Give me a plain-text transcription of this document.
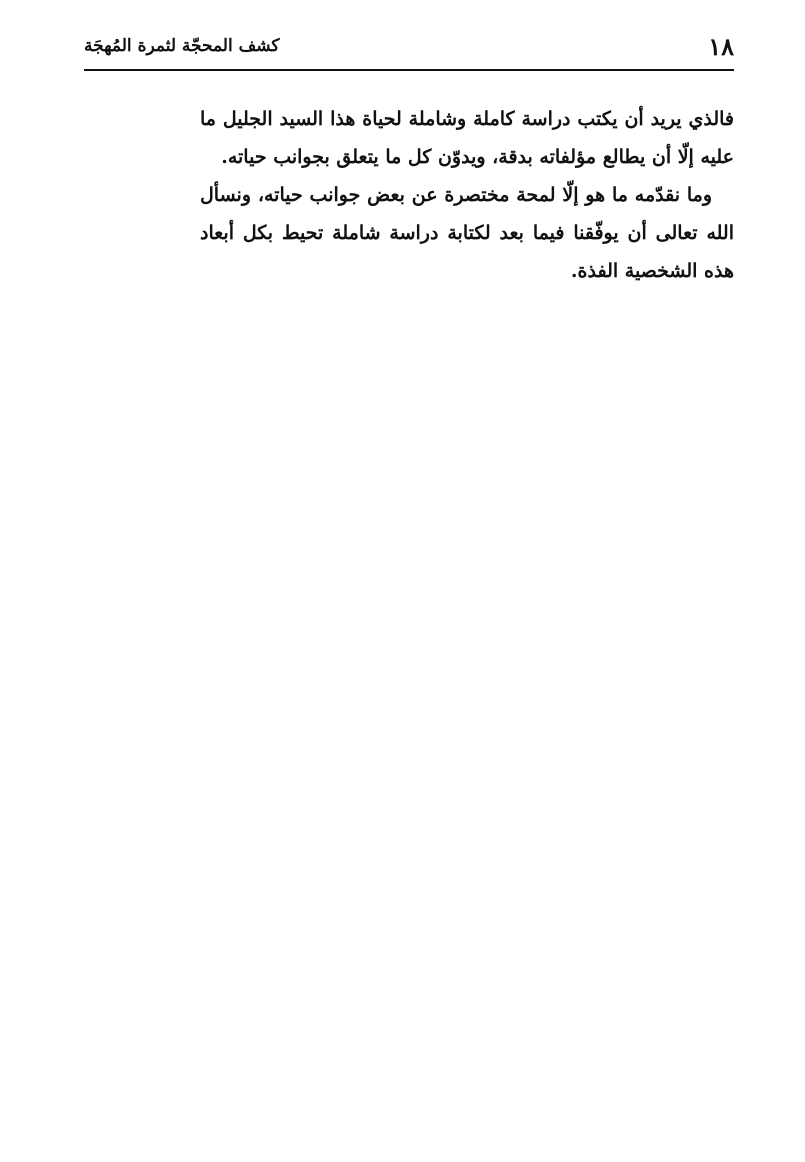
١٨
كشف المحجّة لثمرة المُهجَة

فالذي يريد أن يكتب دراسة كاملة وشاملة لحياة هذا السيد الجليل ما عليه إلّا أن يطالع مؤلفاته بدقة، ويدوّن كل ما يتعلق بجوانب حياته.

وما نقدّمه ما هو إلّا لمحة مختصرة عن بعض جوانب حياته، ونسأل الله تعالى أن يوفّقنا فيما بعد لكتابة دراسة شاملة تحيط بكل أبعاد هذه الشخصية الفذة.
